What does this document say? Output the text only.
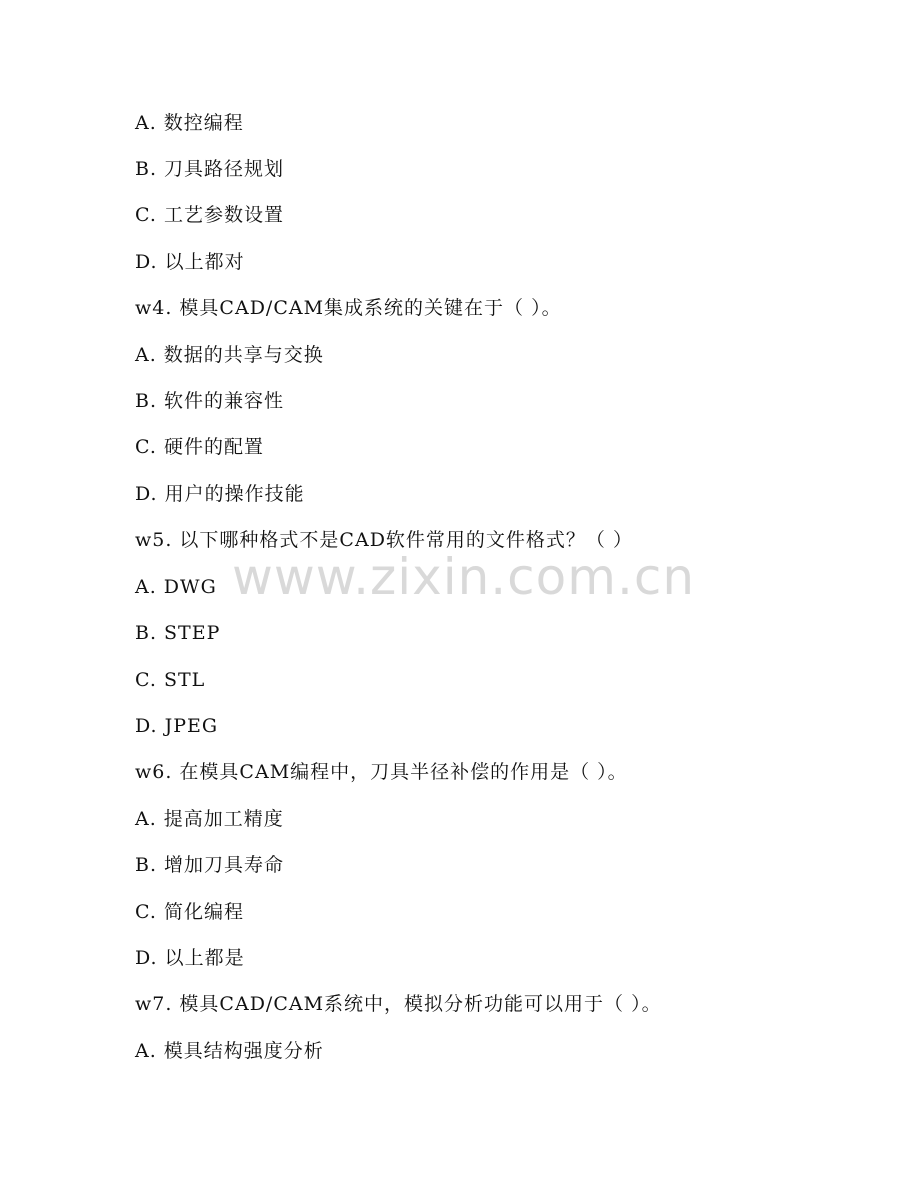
www.zixin.com.cn
A. 数控编程
B. 刀具路径规划
C. 工艺参数设置
D. 以上都对
w4. 模具CAD/CAM集成系统的关键在于（ ）。
A. 数据的共享与交换
B. 软件的兼容性
C. 硬件的配置
D. 用户的操作技能
w5. 以下哪种格式不是CAD软件常用的文件格式？（ ）
A. DWG
B. STEP
C. STL
D. JPEG
w6. 在模具CAM编程中，刀具半径补偿的作用是（ ）。
A. 提高加工精度
B. 增加刀具寿命
C. 简化编程
D. 以上都是
w7. 模具CAD/CAM系统中，模拟分析功能可以用于（ ）。
A. 模具结构强度分析
